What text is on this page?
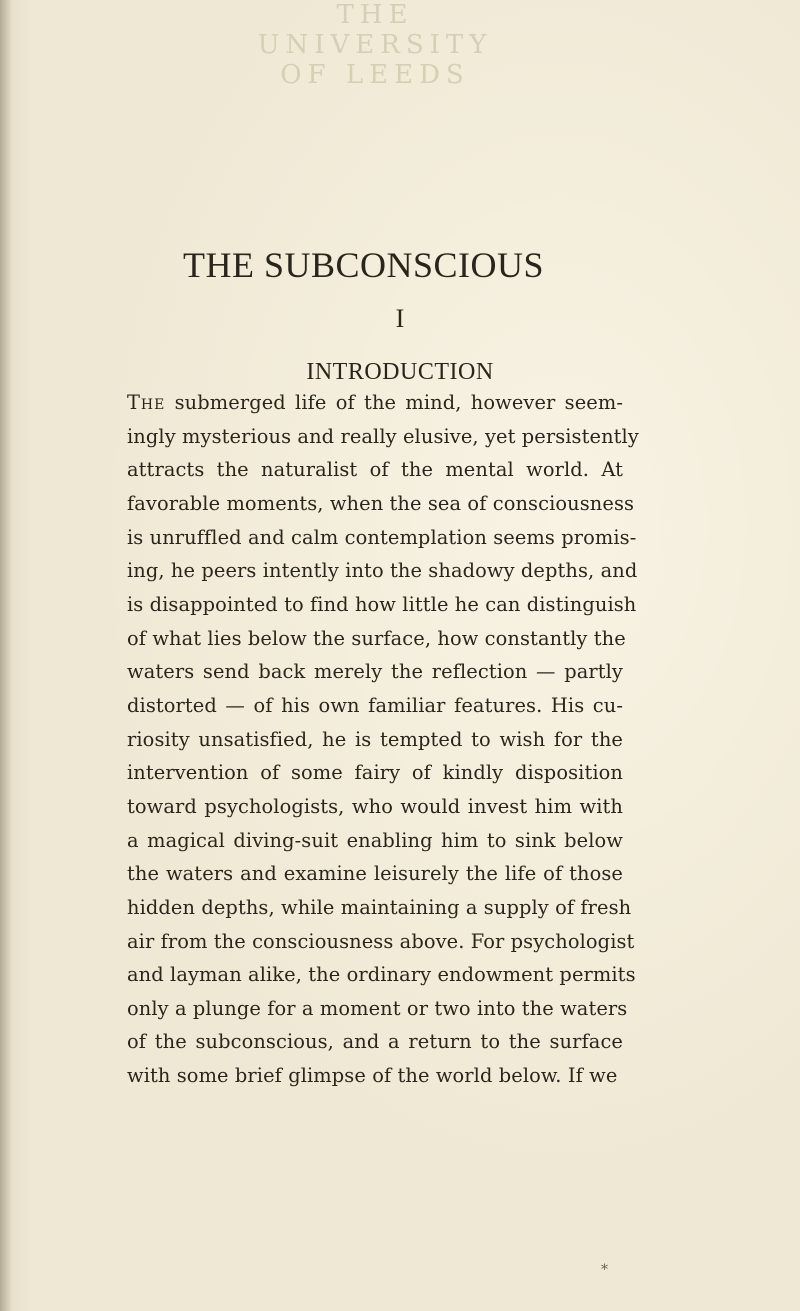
THE
UNIVERSITY
OF LEEDS
THE SUBCONSCIOUS
I
INTRODUCTION
The submerged life of the mind, however seem-
ingly mysterious and really elusive, yet persistently
attracts the naturalist of the mental world. At
favorable moments, when the sea of consciousness
is unruffled and calm contemplation seems promis-
ing, he peers intently into the shadowy depths, and
is disappointed to find how little he can distinguish
of what lies below the surface, how constantly the
waters send back merely the reflection — partly
distorted — of his own familiar features. His cu-
riosity unsatisfied, he is tempted to wish for the
intervention of some fairy of kindly disposition
toward psychologists, who would invest him with
a magical diving-suit enabling him to sink below
the waters and examine leisurely the life of those
hidden depths, while maintaining a supply of fresh
air from the consciousness above. For psychologist
and layman alike, the ordinary endowment permits
only a plunge for a moment or two into the waters
of the subconscious, and a return to the surface
with some brief glimpse of the world below. If we
*
